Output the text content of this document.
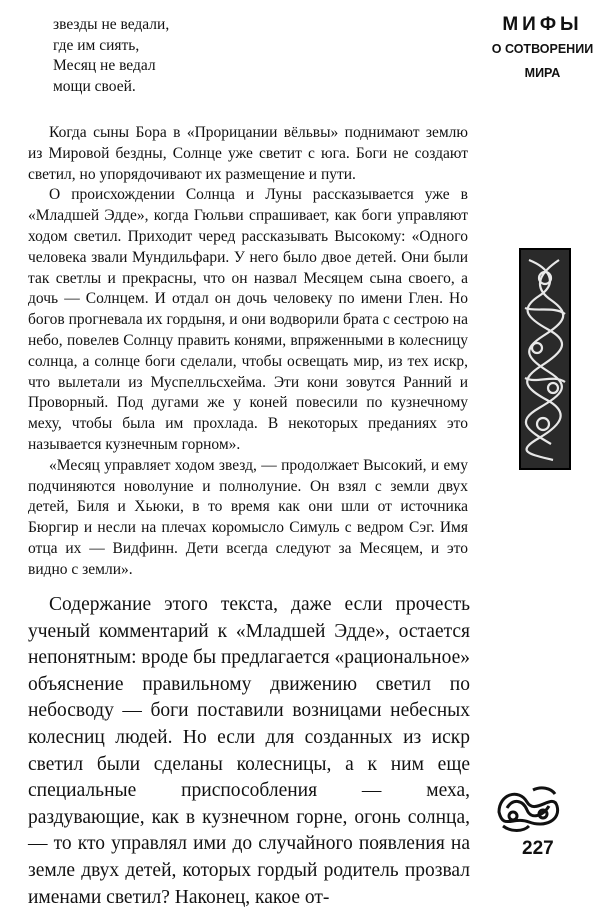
МИФЫ
О СОТВОРЕНИИ
МИРА
звезды не ведали,
где им сиять,
Месяц не ведал
мощи своей.

Когда сыны Бора в «Прорицании вёльвы» поднимают землю из Мировой бездны, Солнце уже светит с юга. Боги не создают светил, но упорядочивают их размещение и пути.

О происхождении Солнца и Луны рассказывается уже в «Младшей Эдде», когда Гюльви спрашивает, как боги управляют ходом светил. Приходит черед рассказывать Высокому: «Одного человека звали Мундильфари. У него было двое детей. Они были так светлы и прекрасны, что он назвал Месяцем сына своего, а дочь — Солнцем. И отдал он дочь человеку по имени Глен. Но богов прогневала их гордыня, и они водворили брата с сестрою на небо, повелев Солнцу править конями, впряженными в колесницу солнца, а солнце боги сделали, чтобы освещать мир, из тех искр, что вылетали из Муспелльсхейма. Эти кони зовутся Ранний и Проворный. Под дугами же у коней повесили по кузнечному меху, чтобы была им прохлада. В некоторых преданиях это называется кузнечным горном».

«Месяц управляет ходом звезд, — продолжает Высокий, и ему подчиняются новолуние и полнолуние. Он взял с земли двух детей, Биля и Хьюки, в то время как они шли от источника Бюргир и несли на плечах коромысло Симуль с ведром Сэг. Имя отца их — Видфинн. Дети всегда следуют за Месяцем, и это видно с земли».

Содержание этого текста, даже если прочесть ученый комментарий к «Младшей Эдде», остается непонятным: вроде бы предлагается «рациональное» объяснение правильному движению светил по небосводу — боги поставили возницами небесных колесниц людей. Но если для созданных из искр светил были сделаны колесницы, а к ним еще специальные приспособления — меха, раздувающие, как в кузнечном горне, огонь солнца, — то кто управлял ими до случайного появления на земле двух детей, которых гордый родитель прозвал именами светил? Наконец, какое от-

227
